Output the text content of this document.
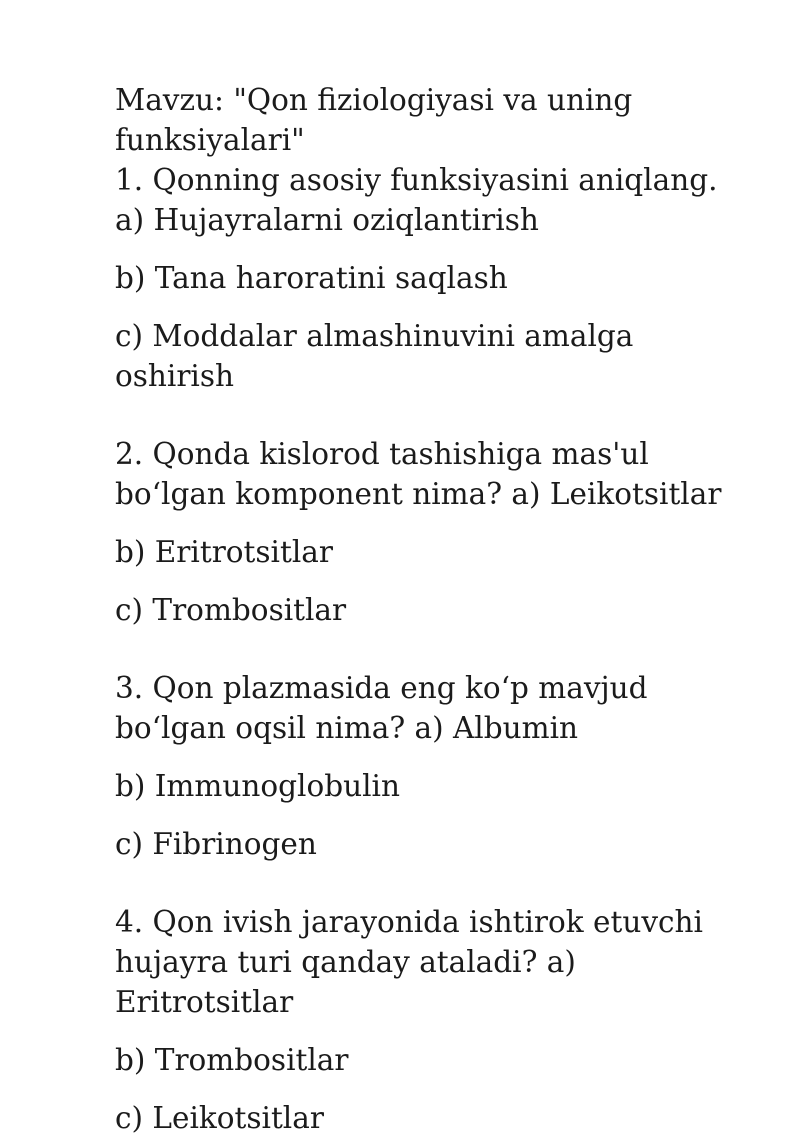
Mavzu: "Qon fiziologiyasi va uning funksiyalari"

1. Qonning asosiy funksiyasini aniqlang. a) Hujayralarni oziqlantirish

b) Tana haroratini saqlash

c) Moddalar almashinuvini amalga oshirish

2. Qonda kislorod tashishiga mas'ul boʻlgan komponent nima? a) Leikotsitlar

b) Eritrotsitlar

c) Trombositlar

3. Qon plazmasida eng koʻp mavjud boʻlgan oqsil nima? a) Albumin

b) Immunoglobulin

c) Fibrinogen

4. Qon ivish jarayonida ishtirok etuvchi hujayra turi qanday ataladi? a) Eritrotsitlar

b) Trombositlar

c) Leikotsitlar
